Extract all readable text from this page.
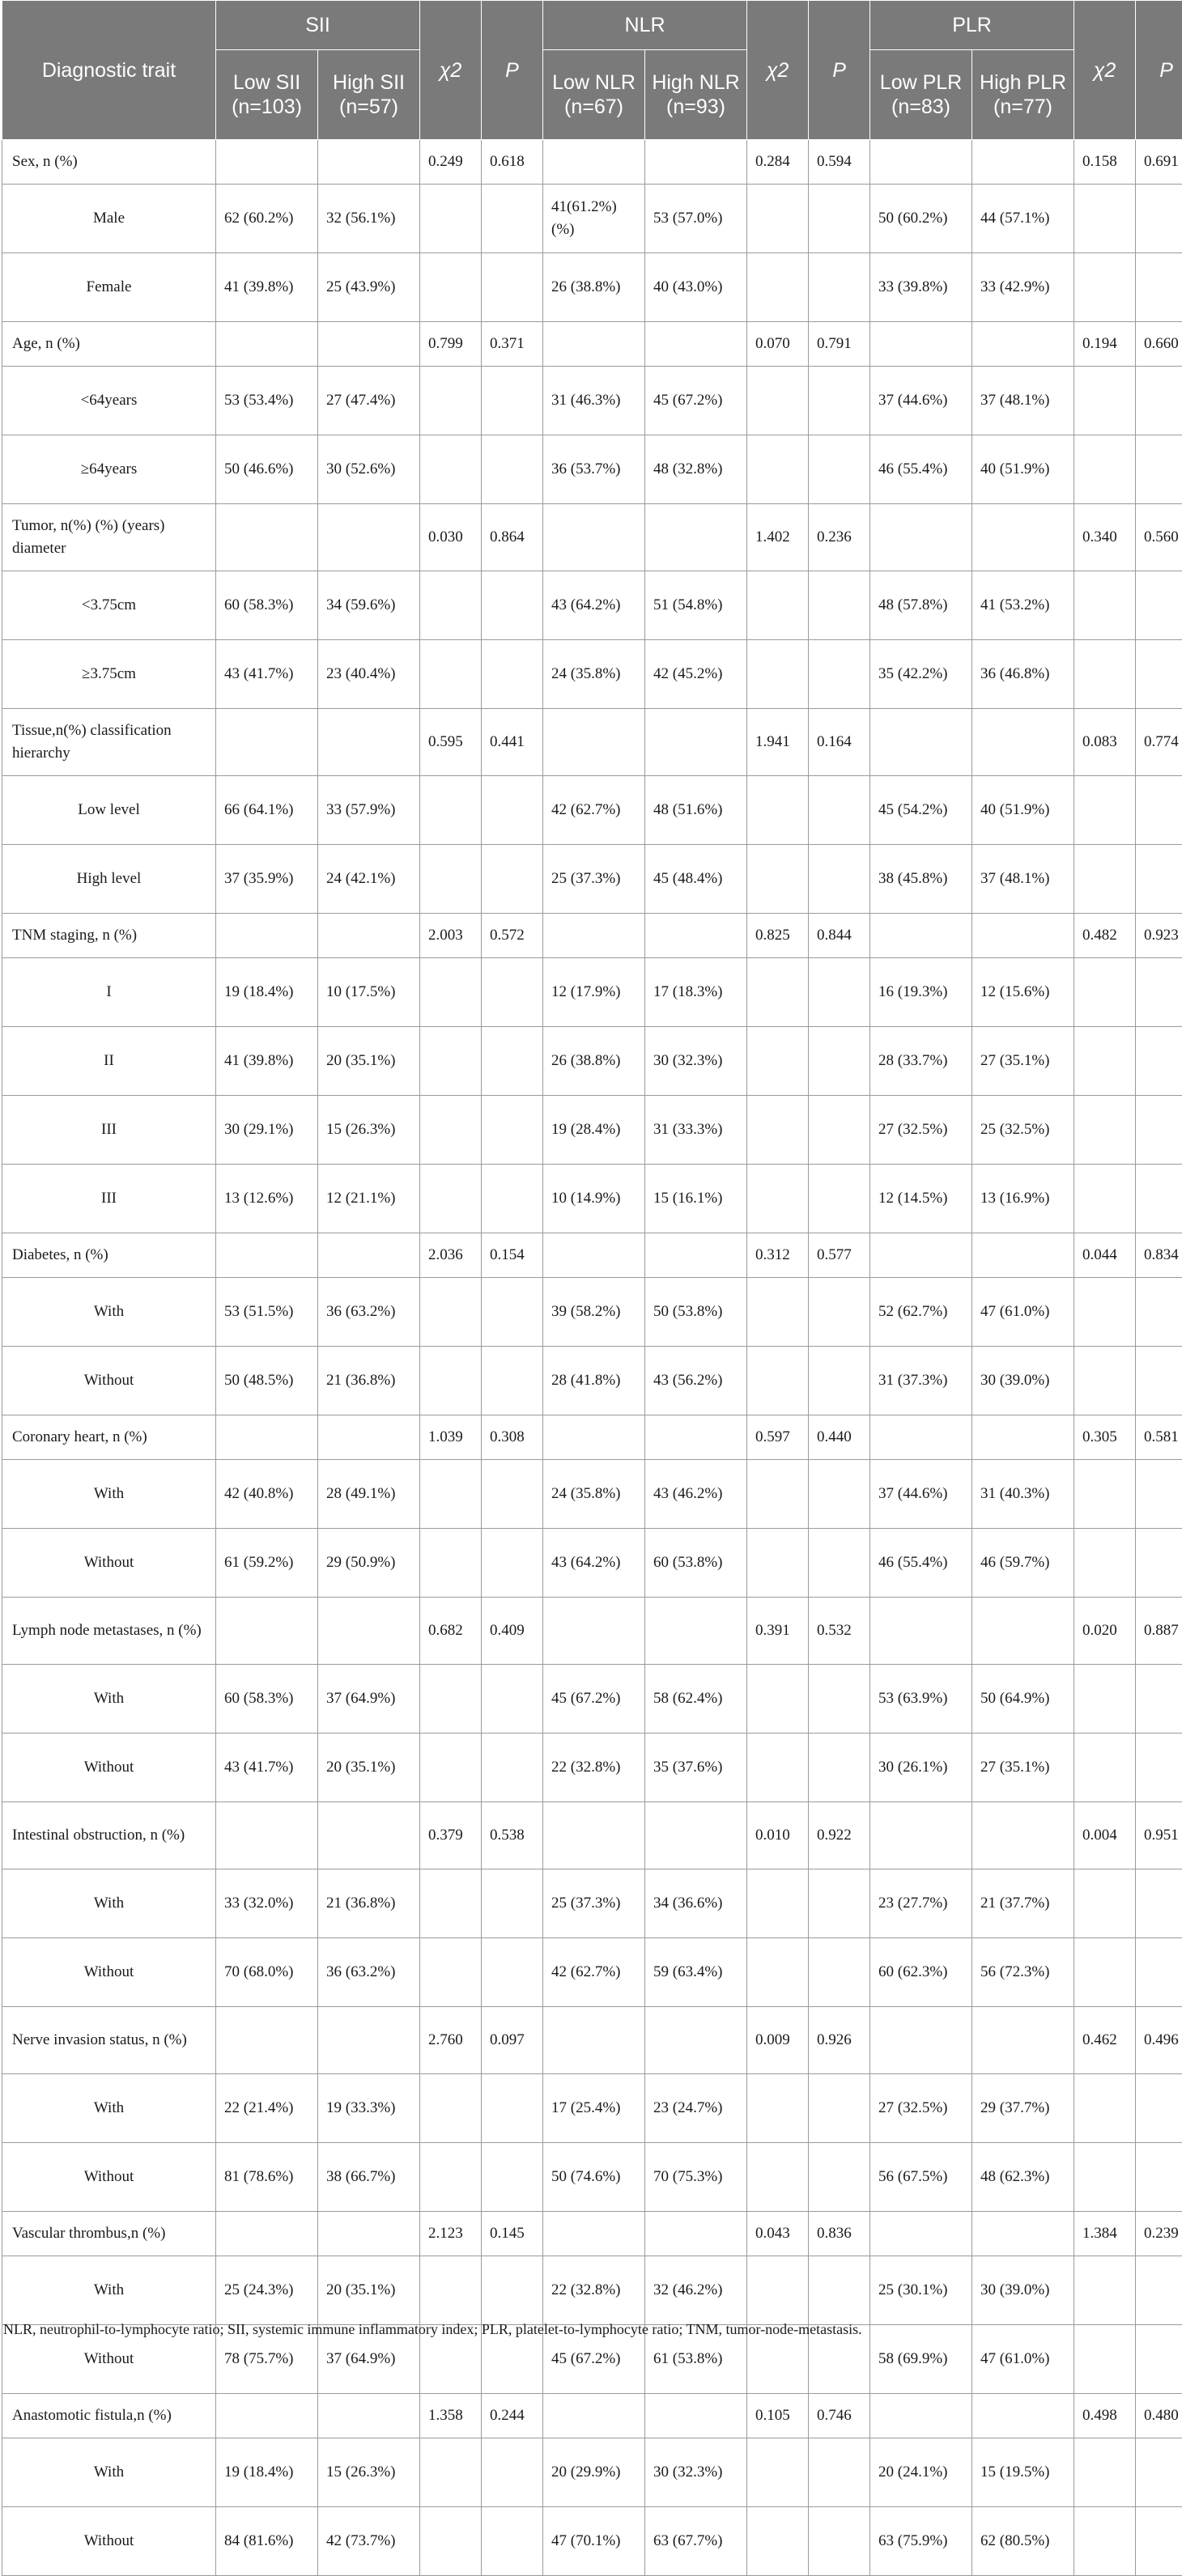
Diagnostic trait	SII		χ2	P	NLR		χ2	P	PLR		χ2	P
	Low SII (n=103)	High SII (n=57)			Low NLR (n=67)	High NLR (n=93)			Low PLR (n=83)	High PLR (n=77)		
Sex, n (%)			0.249	0.618			0.284	0.594			0.158	0.691
Male	62 (60.2%)	32 (56.1%)			41(61.2%) (%)	53 (57.0%)			50 (60.2%)	44 (57.1%)		
Female	41 (39.8%)	25 (43.9%)			26 (38.8%)	40 (43.0%)			33 (39.8%)	33 (42.9%)		
Age, n (%)			0.799	0.371			0.070	0.791			0.194	0.660
<64years	53 (53.4%)	27 (47.4%)			31 (46.3%)	45 (67.2%)			37 (44.6%)	37 (48.1%)		
≥64years	50 (46.6%)	30 (52.6%)			36 (53.7%)	48 (32.8%)			46 (55.4%)	40 (51.9%)		
Tumor, n(%) (%) (years) diameter			0.030	0.864			1.402	0.236			0.340	0.560
<3.75cm	60 (58.3%)	34 (59.6%)			43 (64.2%)	51 (54.8%)			48 (57.8%)	41 (53.2%)		
≥3.75cm	43 (41.7%)	23 (40.4%)			24 (35.8%)	42 (45.2%)			35 (42.2%)	36 (46.8%)		
Tissue,n(%) classification hierarchy			0.595	0.441			1.941	0.164			0.083	0.774
Low level	66 (64.1%)	33 (57.9%)			42 (62.7%)	48 (51.6%)			45 (54.2%)	40 (51.9%)		
High level	37 (35.9%)	24 (42.1%)			25 (37.3%)	45 (48.4%)			38 (45.8%)	37 (48.1%)		
TNM staging, n (%)			2.003	0.572			0.825	0.844			0.482	0.923
I	19 (18.4%)	10 (17.5%)			12 (17.9%)	17 (18.3%)			16 (19.3%)	12 (15.6%)		
II	41 (39.8%)	20 (35.1%)			26 (38.8%)	30 (32.3%)			28 (33.7%)	27 (35.1%)		
III	30 (29.1%)	15 (26.3%)			19 (28.4%)	31 (33.3%)			27 (32.5%)	25 (32.5%)		
III	13 (12.6%)	12 (21.1%)			10 (14.9%)	15 (16.1%)			12 (14.5%)	13 (16.9%)		
Diabetes, n (%)			2.036	0.154			0.312	0.577			0.044	0.834
With	53 (51.5%)	36 (63.2%)			39 (58.2%)	50 (53.8%)			52 (62.7%)	47 (61.0%)		
Without	50 (48.5%)	21 (36.8%)			28 (41.8%)	43 (56.2%)			31 (37.3%)	30 (39.0%)		
Coronary heart, n (%)			1.039	0.308			0.597	0.440			0.305	0.581
With	42 (40.8%)	28 (49.1%)			24 (35.8%)	43 (46.2%)			37 (44.6%)	31 (40.3%)		
Without	61 (59.2%)	29 (50.9%)			43 (64.2%)	60 (53.8%)			46 (55.4%)	46 (59.7%)		
Lymph node metastases, n (%)			0.682	0.409			0.391	0.532			0.020	0.887
With	60 (58.3%)	37 (64.9%)			45 (67.2%)	58 (62.4%)			53 (63.9%)	50 (64.9%)		
Without	43 (41.7%)	20 (35.1%)			22 (32.8%)	35 (37.6%)			30 (26.1%)	27 (35.1%)		
Intestinal obstruction, n (%)			0.379	0.538			0.010	0.922			0.004	0.951
With	33 (32.0%)	21 (36.8%)			25 (37.3%)	34 (36.6%)			23 (27.7%)	21 (37.7%)		
Without	70 (68.0%)	36 (63.2%)			42 (62.7%)	59 (63.4%)			60 (62.3%)	56 (72.3%)		
Nerve invasion status, n (%)			2.760	0.097			0.009	0.926			0.462	0.496
With	22 (21.4%)	19 (33.3%)			17 (25.4%)	23 (24.7%)			27 (32.5%)	29 (37.7%)		
Without	81 (78.6%)	38 (66.7%)			50 (74.6%)	70 (75.3%)			56 (67.5%)	48 (62.3%)		
Vascular thrombus,n (%)			2.123	0.145			0.043	0.836			1.384	0.239
With	25 (24.3%)	20 (35.1%)			22 (32.8%)	32 (46.2%)			25 (30.1%)	30 (39.0%)		
Without	78 (75.7%)	37 (64.9%)			45 (67.2%)	61 (53.8%)			58 (69.9%)	47 (61.0%)		
Anastomotic fistula,n (%)			1.358	0.244			0.105	0.746			0.498	0.480
With	19 (18.4%)	15 (26.3%)			20 (29.9%)	30 (32.3%)			20 (24.1%)	15 (19.5%)		
Without	84 (81.6%)	42 (73.7%)			47 (70.1%)	63 (67.7%)			63 (75.9%)	62 (80.5%)		
NLR, neutrophil-to-lymphocyte ratio; SII, systemic immune inflammatory index; PLR, platelet-to-lymphocyte ratio; TNM, tumor-node-metastasis.
